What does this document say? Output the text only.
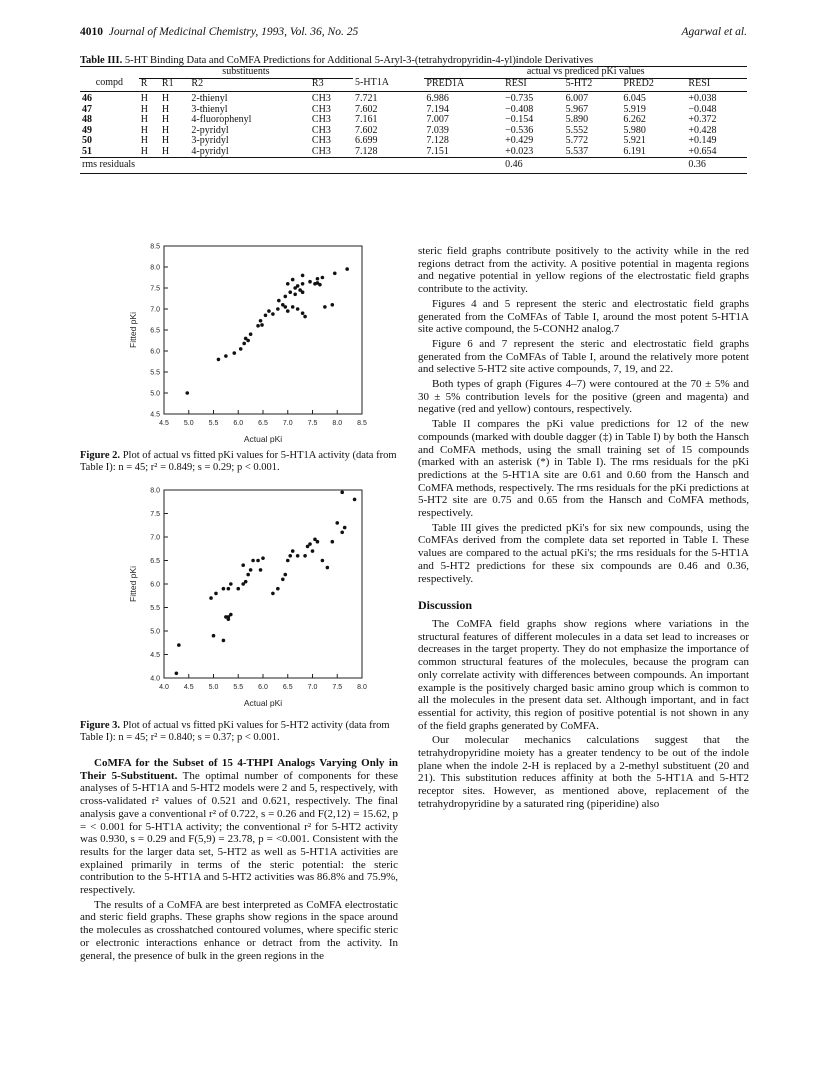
4010 Journal of Medicinal Chemistry, 1993, Vol. 36, No. 25	Agarwal et al.
Table III. 5-HT Binding Data and CoMFA Predictions for Additional 5-Aryl-3-(tetrahydropyridin-4-yl)indole Derivatives
	substituents					actual vs prediced pKi values				
compd	R	R1	R2	R3	5-HT1A	PRED1A	RESI	5-HT2	PRED2	RESI
46	H	H	2-thienyl	CH3	7.721	6.986	−0.735	6.007	6.045	+0.038
47	H	H	3-thienyl	CH3	7.602	7.194	−0.408	5.967	5.919	−0.048
48	H	H	4-fluorophenyl	CH3	7.161	7.007	−0.154	5.890	6.262	+0.372
49	H	H	2-pyridyl	CH3	7.602	7.039	−0.536	5.552	5.980	+0.428
50	H	H	3-pyridyl	CH3	6.699	7.128	+0.429	5.772	5.921	+0.149
51	H	H	4-pyridyl	CH3	7.128	7.151	+0.023	5.537	6.191	+0.654
rms residuals							0.46			0.36
4.5 5.0 5.5 6.0 6.5 7.0 7.5 8.0 8.5
4.5
5.0
5.5
6.0
6.5
7.0
7.5
8.0
8.5
Actual pKi
Fitted pKi
Figure 2. Plot of actual vs fitted pKi values for 5-HT1A activity (data from Table I): n = 45; r² = 0.849; s = 0.29; p < 0.001.
4.0 4.5 5.0 5.5 6.0 6.5 7.0 7.5 8.0
4.0
4.5
5.0
5.5
6.0
6.5
7.0
7.5
8.0
Actual pKi
Fitted pKi
Figure 3. Plot of actual vs fitted pKi values for 5-HT2 activity (data from Table I): n = 45; r² = 0.840; s = 0.37; p < 0.001.

CoMFA for the Subset of 15 4-THPI Analogs Varying Only in Their 5-Substituent. The optimal number of components for these analyses of 5-HT1A and 5-HT2 models were 2 and 5, respectively, with cross-validated r² values of 0.521 and 0.621, respectively. The final analysis gave a conventional r² of 0.722, s = 0.26 and F(2,12) = 15.62, p = < 0.001 for 5-HT1A activity; the conventional r² for 5-HT2 activity was 0.930, s = 0.29 and F(5,9) = 23.78, p = <0.001. Consistent with the results for the larger data set, 5-HT2 as well as 5-HT1A activities are explained primarily in terms of the steric potential: the steric contribution to the 5-HT1A and 5-HT2 activities was 86.8% and 75.9%, respectively.

The results of a CoMFA are best interpreted as CoMFA electrostatic and steric field graphs. These graphs show regions in the space around the molecules as crosshatched contoured volumes, where specific steric or electronic interactions enhance or detract from the activity. In general, the presence of bulk in the green regions in the

steric field graphs contribute positively to the activity while in the red regions detract from the activity. A positive potential in magenta regions and negative potential in yellow regions of the electrostatic field graphs contribute to the activity.

Figures 4 and 5 represent the steric and electrostatic field graphs generated from the CoMFAs of Table I, around the most potent 5-HT1A site active compound, the 5-CONH2 analog.7

Figure 6 and 7 represent the steric and electrostatic field graphs generated from the CoMFAs of Table I, around the relatively more potent and selective 5-HT2 site active compounds, 7, 19, and 22.

Both types of graph (Figures 4–7) were contoured at the 70 ± 5% and 30 ± 5% contribution levels for the positive (green and magenta) and negative (red and yellow) contours, respectively.

Table II compares the pKi value predictions for 12 of the new compounds (marked with double dagger (‡) in Table I) by both the Hansch and CoMFA methods, using the small training set of 15 compounds (marked with an asterisk (*) in Table I). The rms residuals for the pKi predictions at the 5-HT1A site are 0.61 and 0.60 from the Hansch and CoMFA methods, respectively. The rms residuals for the pKi predictions at 5-HT2 site are 0.75 and 0.65 from the Hansch and CoMFA methods, respectively.

Table III gives the predicted pKi's for six new compounds, using the CoMFAs derived from the complete data set reported in Table I. These values are compared to the actual pKi's; the rms residuals for the 5-HT1A and 5-HT2 predictions for these six compounds are 0.46 and 0.36, respectively.

Discussion

The CoMFA field graphs show regions where variations in the structural features of different molecules in a data set lead to increases or decreases in the target property. They do not emphasize the importance of common structural features of the molecules, because the program can only correlate activity with differences between compounds. An important example is the positively charged basic amino group which is common to all the molecules in the present data set. Although important, and in fact essential for activity, this region of positive potential is not shown in any of the field graphs generated by CoMFA.

Our molecular mechanics calculations suggest that the tetrahydropyridine moiety has a greater tendency to be out of the indole plane when the indole 2-H is replaced by a 2-methyl substituent (20 and 21). This substitution reduces affinity at both the 5-HT1A and 5-HT2 receptor sites. However, as mentioned above, replacement of the tetrahydropyridine by a saturated ring (piperidine) also
